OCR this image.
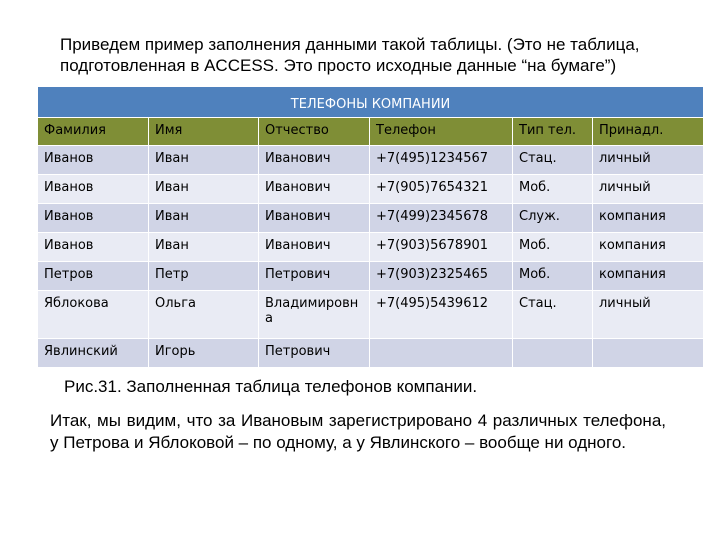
Приведем пример заполнения данными такой таблицы. (Это не таблица, подготовленная в ACCESS. Это просто исходные данные “на бумаге”)

ТЕЛЕФОНЫ КОМПАНИИ					
Фамилия	Имя	Отчество	Телефон	Тип тел.	Принадл.
Иванов	Иван	Иванович	+7(495)1234567	Стац.	личный
Иванов	Иван	Иванович	+7(905)7654321	Моб.	личный
Иванов	Иван	Иванович	+7(499)2345678	Служ.	компания
Иванов	Иван	Иванович	+7(903)5678901	Моб.	компания
Петров	Петр	Петрович	+7(903)2325465	Моб.	компания
Яблокова	Ольга	Владимировна	+7(495)5439612	Стац.	личный
Явлинский	Игорь	Петрович			

Рис.31. Заполненная таблица телефонов компании.

Итак, мы видим, что за Ивановым зарегистрировано 4 различных телефона, у Петрова и Яблоковой – по одному, а у Явлинского – вообще ни одного.
